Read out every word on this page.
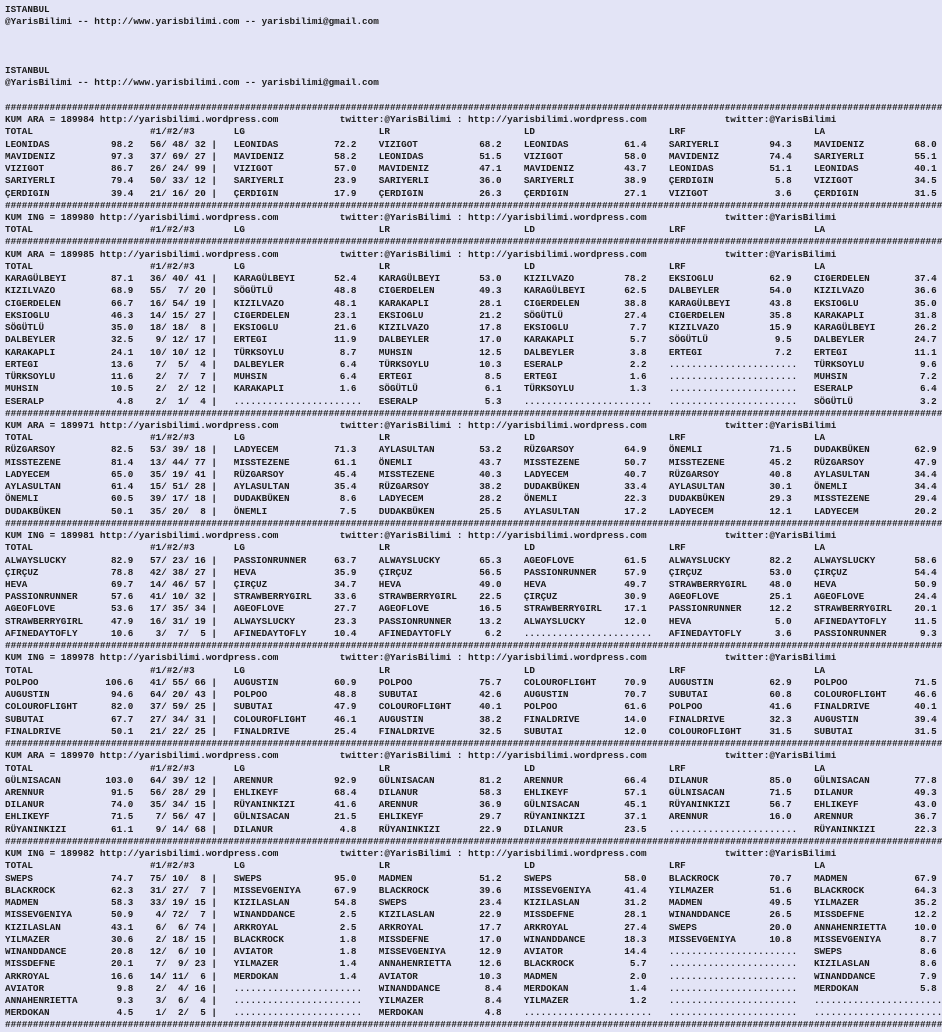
ISTANBUL
@YarisBilimi -- http://www.yarisbilimi.com -- yarisbilimi@gmail.com
ISTANBUL
@YarisBilimi -- http://www.yarisbilimi.com -- yarisbilimi@gmail.com
########################################################################################################################################################################
KUM ARA = 189984 http://yarisbilimi.wordpress.com           twitter:@YarisBilimi : http://yarisbilimi.wordpress.com              twitter:@YarisBilimi
TOTAL                     #1/#2/#3       LG                        LR                        LD                        LRF                       LA
LEONIDAS           98.2   56/ 48/ 32 |   LEONIDAS          72.2    VIZIGOT           68.2    LEONIDAS          61.4    SARIYERLI         94.3    MAVIDENIZ         68.0
MAVIDENIZ          97.3   37/ 69/ 27 |   MAVIDENIZ         58.2    LEONIDAS          51.5    VIZIGOT           58.0    MAVIDENIZ         74.4    SARIYERLI         55.1
VIZIGOT            86.7   26/ 24/ 99 |   VIZIGOT           57.0    MAVIDENIZ         47.1    MAVIDENIZ         43.7    LEONIDAS          51.1    LEONIDAS          40.1
SARIYERLI          79.4   50/ 33/ 12 |   SARIYERLI         23.9    SARIYERLI         36.0    SARIYERLI         38.9    ÇERDIGIN           5.8    VIZIGOT           34.5
ÇERDIGIN           39.4   21/ 16/ 20 |   ÇERDIGIN          17.9    ÇERDIGIN          26.3    ÇERDIGIN          27.1    VIZIGOT            3.6    ÇERDIGIN          31.5
########################################################################################################################################################################
KUM ING = 189980 http://yarisbilimi.wordpress.com           twitter:@YarisBilimi : http://yarisbilimi.wordpress.com              twitter:@YarisBilimi
TOTAL                     #1/#2/#3       LG                        LR                        LD                        LRF                       LA
########################################################################################################################################################################
KUM ARA = 189985 http://yarisbilimi.wordpress.com           twitter:@YarisBilimi : http://yarisbilimi.wordpress.com              twitter:@YarisBilimi
TOTAL                     #1/#2/#3       LG                        LR                        LD                        LRF                       LA
KARAGÜLBEYI        87.1   36/ 40/ 41 |   KARAGÜLBEYI       52.4    KARAGÜLBEYI       53.0    KIZILVAZO         78.2    EKSIOGLU          62.9    CIGERDELEN        37.4
KIZILVAZO          68.9   55/  7/ 20 |   SÖGÜTLÜ           48.8    CIGERDELEN        49.3    KARAGÜLBEYI       62.5    DALBEYLER         54.0    KIZILVAZO         36.6
CIGERDELEN         66.7   16/ 54/ 19 |   KIZILVAZO         48.1    KARAKAPLI         28.1    CIGERDELEN        38.8    KARAGÜLBEYI       43.8    EKSIOGLU          35.0
EKSIOGLU           46.3   14/ 15/ 27 |   CIGERDELEN        23.1    EKSIOGLU          21.2    SÖGÜTLÜ           27.4    CIGERDELEN        35.8    KARAKAPLI         31.8
SÖGÜTLÜ            35.0   18/ 18/  8 |   EKSIOGLU          21.6    KIZILVAZO         17.8    EKSIOGLU           7.7    KIZILVAZO         15.9    KARAGÜLBEYI       26.2
DALBEYLER          32.5    9/ 12/ 17 |   ERTEGI            11.9    DALBEYLER         17.0    KARAKAPLI          5.7    SÖGÜTLÜ            9.5    DALBEYLER         24.7
KARAKAPLI          24.1   10/ 10/ 12 |   TÜRKSOYLU          8.7    MUHSIN            12.5    DALBEYLER          3.8    ERTEGI             7.2    ERTEGI            11.1
ERTEGI             13.6    7/  5/  4 |   DALBEYLER          6.4    TÜRKSOYLU         10.3    ESERALP            2.2    .......................   TÜRKSOYLU          9.6
TÜRKSOYLU          11.6    2/  7/  7 |   MUHSIN             6.4    ERTEGI             8.5    ERTEGI             1.6    .......................   MUHSIN             7.2
MUHSIN             10.5    2/  2/ 12 |   KARAKAPLI          1.6    SÖGÜTLÜ            6.1    TÜRKSOYLU          1.3    .......................   ESERALP            6.4
ESERALP             4.8    2/  1/  4 |   .......................   ESERALP            5.3    .......................   .......................   SÖGÜTLÜ            3.2
########################################################################################################################################################################
KUM ARA = 189971 http://yarisbilimi.wordpress.com           twitter:@YarisBilimi : http://yarisbilimi.wordpress.com              twitter:@YarisBilimi
TOTAL                     #1/#2/#3       LG                        LR                        LD                        LRF                       LA
RÜZGARSOY          82.5   53/ 39/ 18 |   LADYECEM          71.3    AYLASULTAN        53.2    RÜZGARSOY         64.9    ÖNEMLI            71.5    DUDAKBÜKEN        62.9
MISSTEZENE         81.4   13/ 44/ 77 |   MISSTEZENE        61.1    ÖNEMLI            43.7    MISSTEZENE        50.7    MISSTEZENE        45.2    RÜZGARSOY         47.9
LADYECEM           65.0   35/ 19/ 41 |   RÜZGARSOY         45.4    MISSTEZENE        40.3    LADYECEM          40.7    RÜZGARSOY         40.8    AYLASULTAN        34.4
AYLASULTAN         61.4   15/ 51/ 28 |   AYLASULTAN        35.4    RÜZGARSOY         38.2    DUDAKBÜKEN        33.4    AYLASULTAN        30.1    ÖNEMLI            34.4
ÖNEMLI             60.5   39/ 17/ 18 |   DUDAKBÜKEN         8.6    LADYECEM          28.2    ÖNEMLI            22.3    DUDAKBÜKEN        29.3    MISSTEZENE        29.4
DUDAKBÜKEN         50.1   35/ 20/  8 |   ÖNEMLI             7.5    DUDAKBÜKEN        25.5    AYLASULTAN        17.2    LADYECEM          12.1    LADYECEM          20.2
########################################################################################################################################################################
KUM ING = 189981 http://yarisbilimi.wordpress.com           twitter:@YarisBilimi : http://yarisbilimi.wordpress.com              twitter:@YarisBilimi
TOTAL                     #1/#2/#3       LG                        LR                        LD                        LRF                       LA
ALWAYSLUCKY        82.9   57/ 23/ 16 |   PASSIONRUNNER     63.7    ALWAYSLUCKY       65.3    AGEOFLOVE         61.5    ALWAYSLUCKY       82.2    ALWAYSLUCKY       58.6
ÇIRÇUZ             78.8   42/ 38/ 27 |   HEVA              35.9    ÇIRÇUZ            56.5    PASSIONRUNNER     57.9    ÇIRÇUZ            53.0    ÇIRÇUZ            54.4
HEVA               69.7   14/ 46/ 57 |   ÇIRÇUZ            34.7    HEVA              49.0    HEVA              49.7    STRAWBERRYGIRL    48.0    HEVA              50.9
PASSIONRUNNER      57.6   41/ 10/ 32 |   STRAWBERRYGIRL    33.6    STRAWBERRYGIRL    22.5    ÇIRÇUZ            30.9    AGEOFLOVE         25.1    AGEOFLOVE         24.4
AGEOFLOVE          53.6   17/ 35/ 34 |   AGEOFLOVE         27.7    AGEOFLOVE         16.5    STRAWBERRYGIRL    17.1    PASSIONRUNNER     12.2    STRAWBERRYGIRL    20.1
STRAWBERRYGIRL     47.9   16/ 31/ 19 |   ALWAYSLUCKY       23.3    PASSIONRUNNER     13.2    ALWAYSLUCKY       12.0    HEVA               5.0    AFINEDAYTOFLY     11.5
AFINEDAYTOFLY      10.6    3/  7/  5 |   AFINEDAYTOFLY     10.4    AFINEDAYTOFLY      6.2    .......................   AFINEDAYTOFLY      3.6    PASSIONRUNNER      9.3
########################################################################################################################################################################
KUM ING = 189978 http://yarisbilimi.wordpress.com           twitter:@YarisBilimi : http://yarisbilimi.wordpress.com              twitter:@YarisBilimi
TOTAL                     #1/#2/#3       LG                        LR                        LD                        LRF                       LA
POLPOO            106.6   41/ 55/ 66 |   AUGUSTIN          60.9    POLPOO            75.7    COLOUROFLIGHT     70.9    AUGUSTIN          62.9    POLPOO            71.5
AUGUSTIN           94.6   64/ 20/ 43 |   POLPOO            48.8    SUBUTAI           42.6    AUGUSTIN          70.7    SUBUTAI           60.8    COLOUROFLIGHT     46.6
COLOUROFLIGHT      82.0   37/ 59/ 25 |   SUBUTAI           47.9    COLOUROFLIGHT     40.1    POLPOO            61.6    POLPOO            41.6    FINALDRIVE        40.1
SUBUTAI            67.7   27/ 34/ 31 |   COLOUROFLIGHT     46.1    AUGUSTIN          38.2    FINALDRIVE        14.0    FINALDRIVE        32.3    AUGUSTIN          39.4
FINALDRIVE         50.1   21/ 22/ 25 |   FINALDRIVE        25.4    FINALDRIVE        32.5    SUBUTAI           12.0    COLOUROFLIGHT     31.5    SUBUTAI           31.5
########################################################################################################################################################################
KUM ARA = 189970 http://yarisbilimi.wordpress.com           twitter:@YarisBilimi : http://yarisbilimi.wordpress.com              twitter:@YarisBilimi
TOTAL                     #1/#2/#3       LG                        LR                        LD                        LRF                       LA
GÜLNISACAN        103.0   64/ 39/ 12 |   ARENNUR           92.9    GÜLNISACAN        81.2    ARENNUR           66.4    DILANUR           85.0    GÜLNISACAN        77.8
ARENNUR            91.5   56/ 28/ 29 |   EHLIKEYF          68.4    DILANUR           58.3    EHLIKEYF          57.1    GÜLNISACAN        71.5    DILANUR           49.3
DILANUR            74.0   35/ 34/ 15 |   RÜYANINKIZI       41.6    ARENNUR           36.9    GÜLNISACAN        45.1    RÜYANINKIZI       56.7    EHLIKEYF          43.0
EHLIKEYF           71.5    7/ 56/ 47 |   GÜLNISACAN        21.5    EHLIKEYF          29.7    RÜYANINKIZI       37.1    ARENNUR           16.0    ARENNUR           36.7
RÜYANINKIZI        61.1    9/ 14/ 68 |   DILANUR            4.8    RÜYANINKIZI       22.9    DILANUR           23.5    .......................   RÜYANINKIZI       22.3
########################################################################################################################################################################
KUM ING = 189982 http://yarisbilimi.wordpress.com           twitter:@YarisBilimi : http://yarisbilimi.wordpress.com              twitter:@YarisBilimi
TOTAL                     #1/#2/#3       LG                        LR                        LD                        LRF                       LA
SWEPS              74.7   75/ 10/  8 |   SWEPS             95.0    MADMEN            51.2    SWEPS             58.0    BLACKROCK         70.7    MADMEN            67.9
BLACKROCK          62.3   31/ 27/  7 |   MISSEVGENIYA      67.9    BLACKROCK         39.6    MISSEVGENIYA      41.4    YILMAZER          51.6    BLACKROCK         64.3
MADMEN             58.3   33/ 19/ 15 |   KIZILASLAN        54.8    SWEPS             23.4    KIZILASLAN        31.2    MADMEN            49.5    YILMAZER          35.2
MISSEVGENIYA       50.9    4/ 72/  7 |   WINANDDANCE        2.5    KIZILASLAN        22.9    MISSDEFNE         28.1    WINANDDANCE       26.5    MISSDEFNE         12.2
KIZILASLAN         43.1    6/  6/ 74 |   ARKROYAL           2.5    ARKROYAL          17.7    ARKROYAL          27.4    SWEPS             20.0    ANNAHENRIETTA     10.0
YILMAZER           30.6    2/ 18/ 15 |   BLACKROCK          1.8    MISSDEFNE         17.0    WINANDDANCE       18.3    MISSEVGENIYA      10.8    MISSEVGENIYA       8.7
WINANDDANCE        20.8   12/  6/ 10 |   AVIATOR            1.8    MISSEVGENIYA      12.9    AVIATOR           14.4    .......................   SWEPS              8.6
MISSDEFNE          20.1    7/  9/ 23 |   YILMAZER           1.4    ANNAHENRIETTA     12.6    BLACKROCK          5.7    .......................   KIZILASLAN         8.6
ARKROYAL           16.6   14/ 11/  6 |   MERDOKAN           1.4    AVIATOR           10.3    MADMEN             2.0    .......................   WINANDDANCE        7.9
AVIATOR             9.8    2/  4/ 16 |   .......................   WINANDDANCE        8.4    MERDOKAN           1.4    .......................   MERDOKAN           5.8
ANNAHENRIETTA       9.3    3/  6/  4 |   .......................   YILMAZER           8.4    YILMAZER           1.2    .......................   .......................
MERDOKAN            4.5    1/  2/  5 |   .......................   MERDOKAN           4.8    .......................   .......................   .......................
########################################################################################################################################################################
